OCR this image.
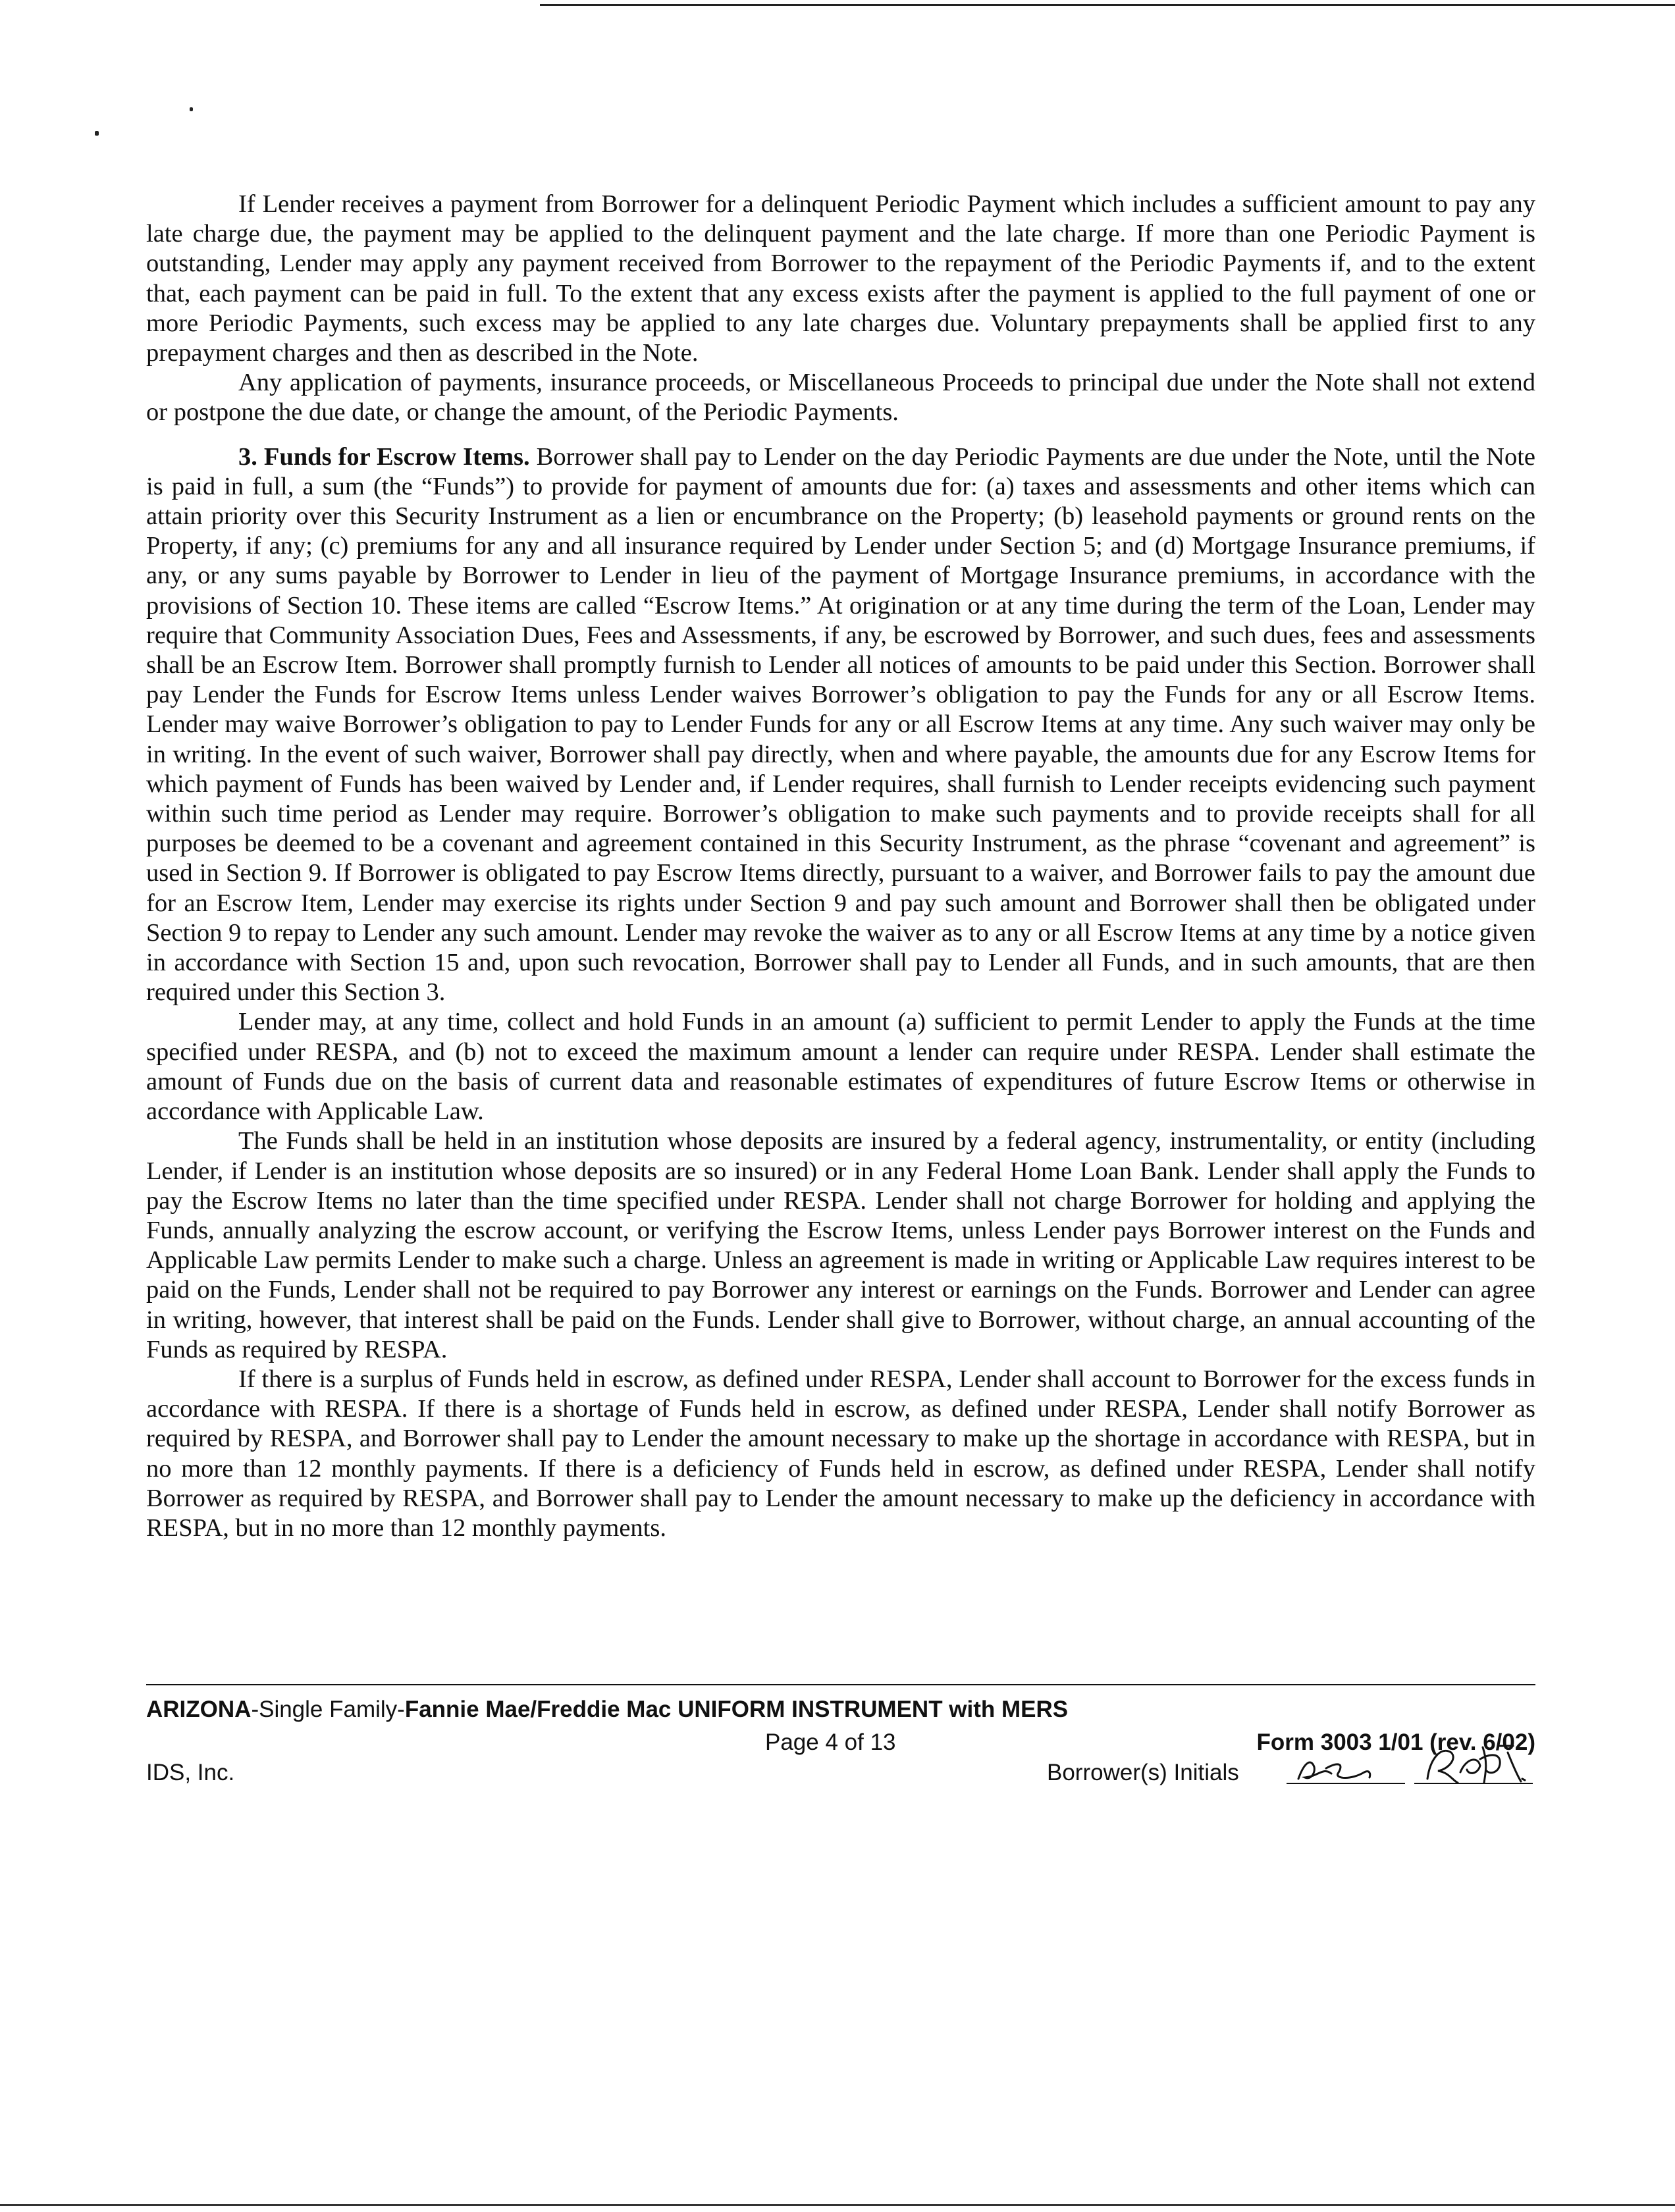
If Lender receives a payment from Borrower for a delinquent Periodic Payment which includes a sufficient amount to pay any late charge due, the payment may be applied to the delinquent payment and the late charge. If more than one Periodic Payment is outstanding, Lender may apply any payment received from Borrower to the repayment of the Periodic Payments if, and to the extent that, each payment can be paid in full. To the extent that any excess exists after the payment is applied to the full payment of one or more Periodic Payments, such excess may be applied to any late charges due. Voluntary prepayments shall be applied first to any prepayment charges and then as described in the Note.

Any application of payments, insurance proceeds, or Miscellaneous Proceeds to principal due under the Note shall not extend or postpone the due date, or change the amount, of the Periodic Payments.

3. Funds for Escrow Items. Borrower shall pay to Lender on the day Periodic Payments are due under the Note, until the Note is paid in full, a sum (the “Funds”) to provide for payment of amounts due for: (a) taxes and assessments and other items which can attain priority over this Security Instrument as a lien or encumbrance on the Property; (b) leasehold payments or ground rents on the Property, if any; (c) premiums for any and all insurance required by Lender under Section 5; and (d) Mortgage Insurance premiums, if any, or any sums payable by Borrower to Lender in lieu of the payment of Mortgage Insurance premiums, in accordance with the provisions of Section 10. These items are called “Escrow Items.” At origination or at any time during the term of the Loan, Lender may require that Community Association Dues, Fees and Assessments, if any, be escrowed by Borrower, and such dues, fees and assessments shall be an Escrow Item. Borrower shall promptly furnish to Lender all notices of amounts to be paid under this Section. Borrower shall pay Lender the Funds for Escrow Items unless Lender waives Borrower’s obligation to pay the Funds for any or all Escrow Items. Lender may waive Borrower’s obligation to pay to Lender Funds for any or all Escrow Items at any time. Any such waiver may only be in writing. In the event of such waiver, Borrower shall pay directly, when and where payable, the amounts due for any Escrow Items for which payment of Funds has been waived by Lender and, if Lender requires, shall furnish to Lender receipts evidencing such payment within such time period as Lender may require. Borrower’s obligation to make such payments and to provide receipts shall for all purposes be deemed to be a covenant and agreement contained in this Security Instrument, as the phrase “covenant and agreement” is used in Section 9. If Borrower is obligated to pay Escrow Items directly, pursuant to a waiver, and Borrower fails to pay the amount due for an Escrow Item, Lender may exercise its rights under Section 9 and pay such amount and Borrower shall then be obligated under Section 9 to repay to Lender any such amount. Lender may revoke the waiver as to any or all Escrow Items at any time by a notice given in accordance with Section 15 and, upon such revocation, Borrower shall pay to Lender all Funds, and in such amounts, that are then required under this Section 3.

Lender may, at any time, collect and hold Funds in an amount (a) sufficient to permit Lender to apply the Funds at the time specified under RESPA, and (b) not to exceed the maximum amount a lender can require under RESPA. Lender shall estimate the amount of Funds due on the basis of current data and reasonable estimates of expenditures of future Escrow Items or otherwise in accordance with Applicable Law.

The Funds shall be held in an institution whose deposits are insured by a federal agency, instrumentality, or entity (including Lender, if Lender is an institution whose deposits are so insured) or in any Federal Home Loan Bank. Lender shall apply the Funds to pay the Escrow Items no later than the time specified under RESPA. Lender shall not charge Borrower for holding and applying the Funds, annually analyzing the escrow account, or verifying the Escrow Items, unless Lender pays Borrower interest on the Funds and Applicable Law permits Lender to make such a charge. Unless an agreement is made in writing or Applicable Law requires interest to be paid on the Funds, Lender shall not be required to pay Borrower any interest or earnings on the Funds. Borrower and Lender can agree in writing, however, that interest shall be paid on the Funds. Lender shall give to Borrower, without charge, an annual accounting of the Funds as required by RESPA.

If there is a surplus of Funds held in escrow, as defined under RESPA, Lender shall account to Borrower for the excess funds in accordance with RESPA. If there is a shortage of Funds held in escrow, as defined under RESPA, Lender shall notify Borrower as required by RESPA, and Borrower shall pay to Lender the amount necessary to make up the shortage in accordance with RESPA, but in no more than 12 monthly payments. If there is a deficiency of Funds held in escrow, as defined under RESPA, Lender shall notify Borrower as required by RESPA, and Borrower shall pay to Lender the amount necessary to make up the deficiency in accordance with RESPA, but in no more than 12 monthly payments.

ARIZONA-Single Family-Fannie Mae/Freddie Mac UNIFORM INSTRUMENT with MERS
Page 4 of 13	Form 3003 1/01 (rev. 6/02)
IDS, Inc.	Borrower(s) Initials
